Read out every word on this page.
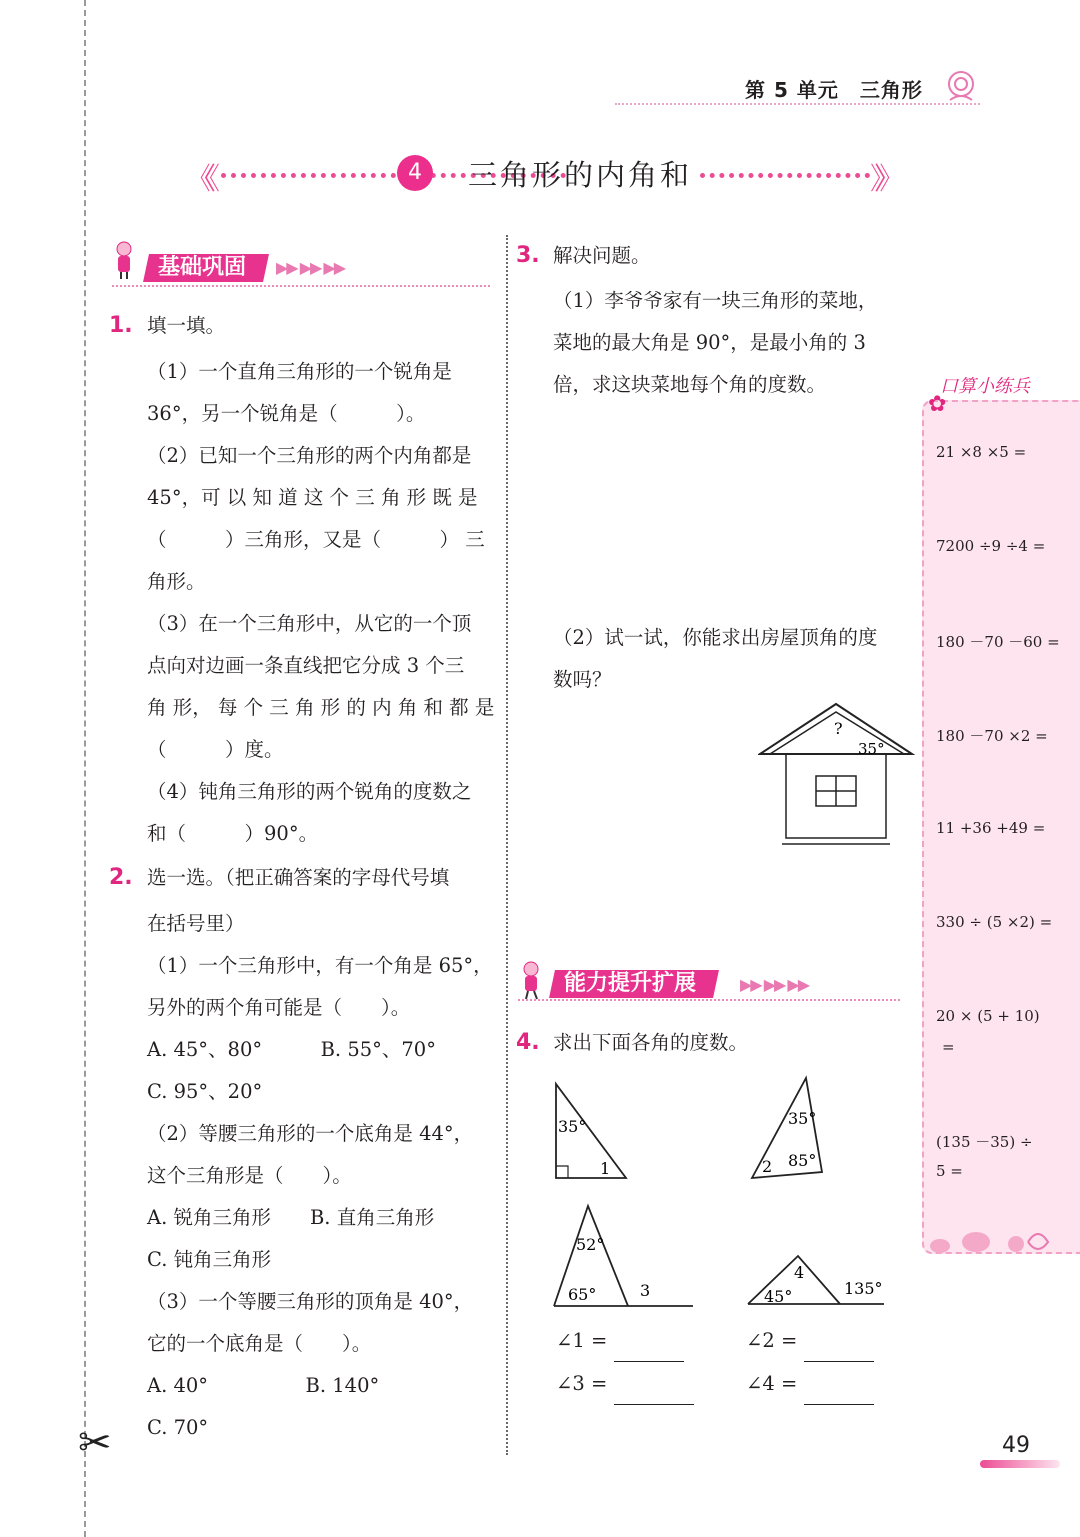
✂
第 5 单元　三角形
《《	4	三角形的内角和	》》
基础巩固	▶▶ ▶▶ ▶▶
1. 填一填。
（1）一个直角三角形的一个锐角是
36°，另一个锐角是（　　　）。
（2）已知一个三角形的两个内角都是
45°，可 以 知 道 这 个 三 角 形 既 是
（　　　）三角形，又是（　　　） 三
角形。
（3）在一个三角形中，从它的一个顶
点向对边画一条直线把它分成 3 个三
角 形， 每 个 三 角 形 的 内 角 和 都 是
（　　　）度。
（4）钝角三角形的两个锐角的度数之
和（　　　）90°。
2. 选一选。（把正确答案的字母代号填
在括号里）
（1）一个三角形中，有一个角是 65°，
另外的两个角可能是（　　）。
A. 45°、80°　　　B. 55°、70°
C. 95°、20°
（2）等腰三角形的一个底角是 44°，
这个三角形是（　　）。
A. 锐角三角形　　B. 直角三角形
C. 钝角三角形
（3）一个等腰三角形的顶角是 40°，
它的一个底角是（　　）。
A. 40°　　　　　B. 140°
C. 70°
3. 解决问题。
（1）李爷爷家有一块三角形的菜地，
菜地的最大角是 90°，是最小角的 3
倍，求这块菜地每个角的度数。
（2）试一试，你能求出房屋顶角的度
数吗？
?
35°
能力提升扩展	▶▶ ▶▶ ▶▶
4. 求出下面各角的度数。
35°
1
35°
2 85°
52°
65°	3
4
45°	135°
∠1 =	∠2 =
∠3 =	∠4 =
口算小练兵
✿
21 ×8 ×5 =
7200 ÷9 ÷4 =
180 －70 －60 =
180 －70 ×2 =
11 +36 +49 =
330 ÷ (5 ×2) =
20 × (5 + 10)
=
(135 －35) ÷
5 =
49
